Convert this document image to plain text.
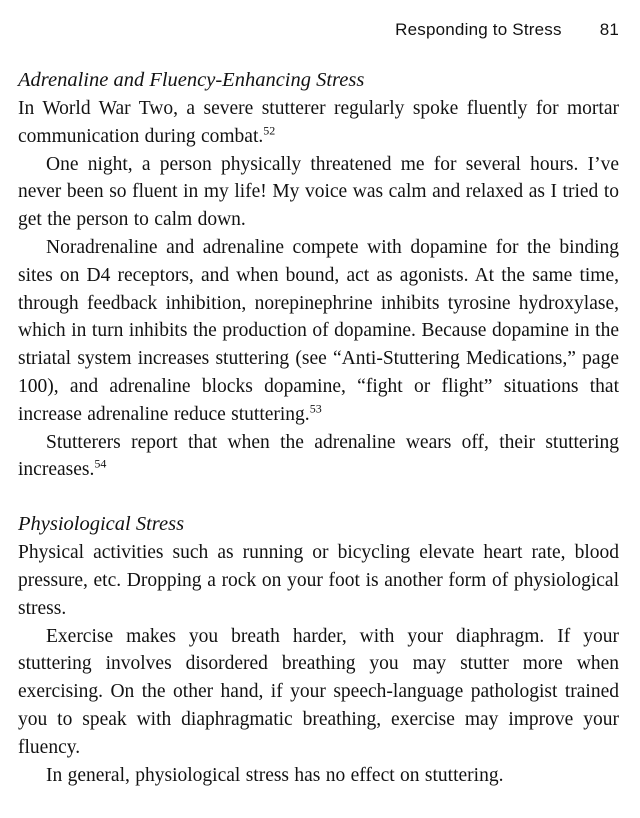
Responding to Stress 81
Adrenaline and Fluency-Enhancing Stress

In World War Two, a severe stutterer regularly spoke fluently for mortar communication during combat.$^{52}$

One night, a person physically threatened me for several hours. I’ve never been so fluent in my life! My voice was calm and relaxed as I tried to get the person to calm down.

Noradrenaline and adrenaline compete with dopamine for the binding sites on D4 receptors, and when bound, act as agonists. At the same time, through feedback inhibition, norepinephrine inhibits tyrosine hydroxylase, which in turn inhibits the production of dopamine. Because dopamine in the striatal system increases stuttering (see “Anti-Stuttering Medications,” page 100), and adrenaline blocks dopamine, “fight or flight” situations that increase adrenaline reduce stuttering.$^{53}$

Stutterers report that when the adrenaline wears off, their stuttering increases.$^{54}$

Physiological Stress

Physical activities such as running or bicycling elevate heart rate, blood pressure, etc. Dropping a rock on your foot is another form of physiological stress.

Exercise makes you breath harder, with your diaphragm. If your stuttering involves disordered breathing you may stutter more when exercising. On the other hand, if your speech-language pathologist trained you to speak with diaphragmatic breathing, exercise may improve your fluency.

In general, physiological stress has no effect on stuttering.
